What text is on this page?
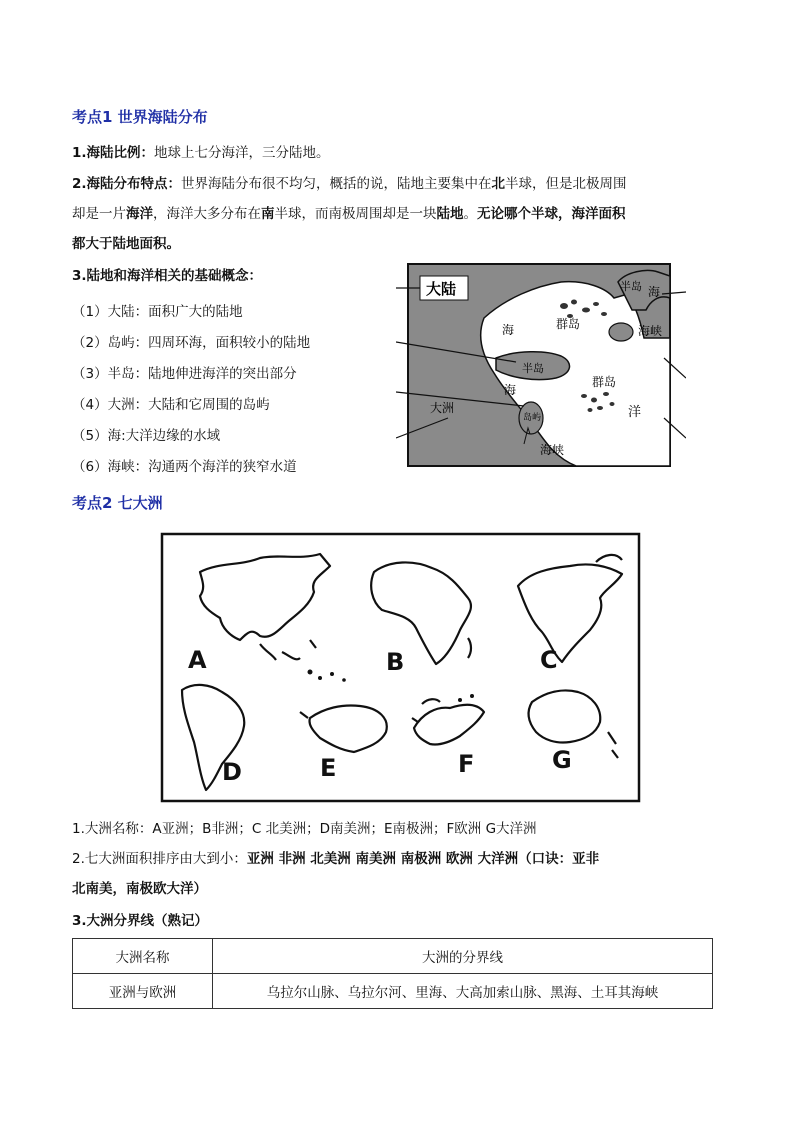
考点1 世界海陆分布
1.海陆比例：地球上七分海洋，三分陆地。
2.海陆分布特点：世界海陆分布很不均匀，概括的说，陆地主要集中在北半球，但是北极周围
却是一片海洋，海洋大多分布在南半球，而南极周围却是一块陆地。无论哪个半球，海洋面积
都大于陆地面积。
3.陆地和海洋相关的基础概念：
（1）大陆：面积广大的陆地
（2）岛屿：四周环海，面积较小的陆地
（3）半岛：陆地伸进海洋的突出部分
（4）大洲：大陆和它周围的岛屿
（5）海:大洋边缘的水域
（6）海峡：沟通两个海洋的狭窄水道
大陆	半岛 海
海峡
海	群岛
半岛
群岛
海
岛屿
海峡
洋
大洲
考点2 七大洲
A	B	C
D	E	F	G
1.大洲名称：A亚洲；B非洲；C 北美洲；D南美洲；E南极洲；F欧洲 G大洋洲
2.七大洲面积排序由大到小：亚洲 非洲 北美洲 南美洲 南极洲 欧洲 大洋洲（口诀：亚非
北南美，南极欧大洋）
3.大洲分界线（熟记）
大洲名称	大洲的分界线
亚洲与欧洲	乌拉尔山脉、乌拉尔河、里海、大高加索山脉、黑海、土耳其海峡
